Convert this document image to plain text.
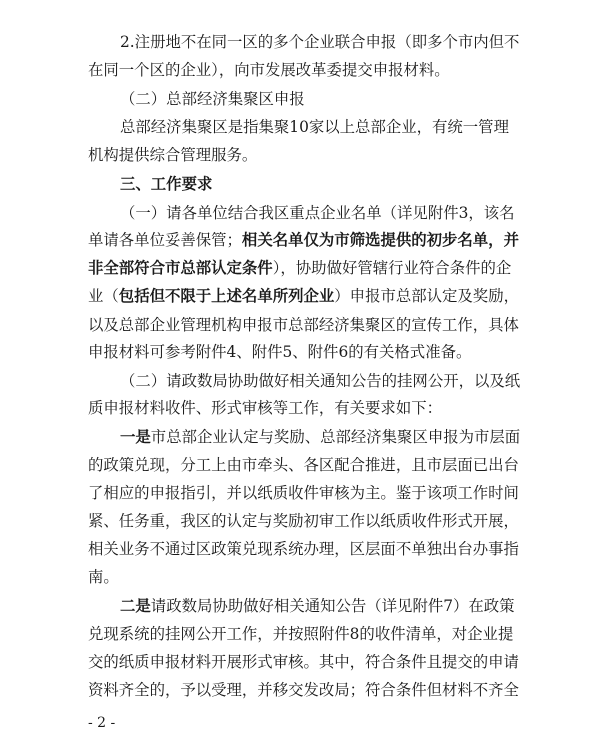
2.注册地不在同一区的多个企业联合申报（即多个市内但不
在同一个区的企业），向市发展改革委提交申报材料。
（二）总部经济集聚区申报
总部经济集聚区是指集聚10家以上总部企业，有统一管理
机构提供综合管理服务。
三、工作要求
（一）请各单位结合我区重点企业名单（详见附件3，该名
单请各单位妥善保管；相关名单仅为市筛选提供的初步名单，并
非全部符合市总部认定条件），协助做好管辖行业符合条件的企
业（包括但不限于上述名单所列企业）申报市总部认定及奖励，
以及总部企业管理机构申报市总部经济集聚区的宣传工作，具体
申报材料可参考附件4、附件5、附件6的有关格式准备。
（二）请政数局协助做好相关通知公告的挂网公开，以及纸
质申报材料收件、形式审核等工作，有关要求如下：
一是市总部企业认定与奖励、总部经济集聚区申报为市层面
的政策兑现，分工上由市牵头、各区配合推进，且市层面已出台
了相应的申报指引，并以纸质收件审核为主。鉴于该项工作时间
紧、任务重，我区的认定与奖励初审工作以纸质收件形式开展，
相关业务不通过区政策兑现系统办理，区层面不单独出台办事指
南。
二是请政数局协助做好相关通知公告（详见附件7）在政策
兑现系统的挂网公开工作，并按照附件8的收件清单，对企业提
交的纸质申报材料开展形式审核。其中，符合条件且提交的申请
资料齐全的，予以受理，并移交发改局；符合条件但材料不齐全
- 2 -
